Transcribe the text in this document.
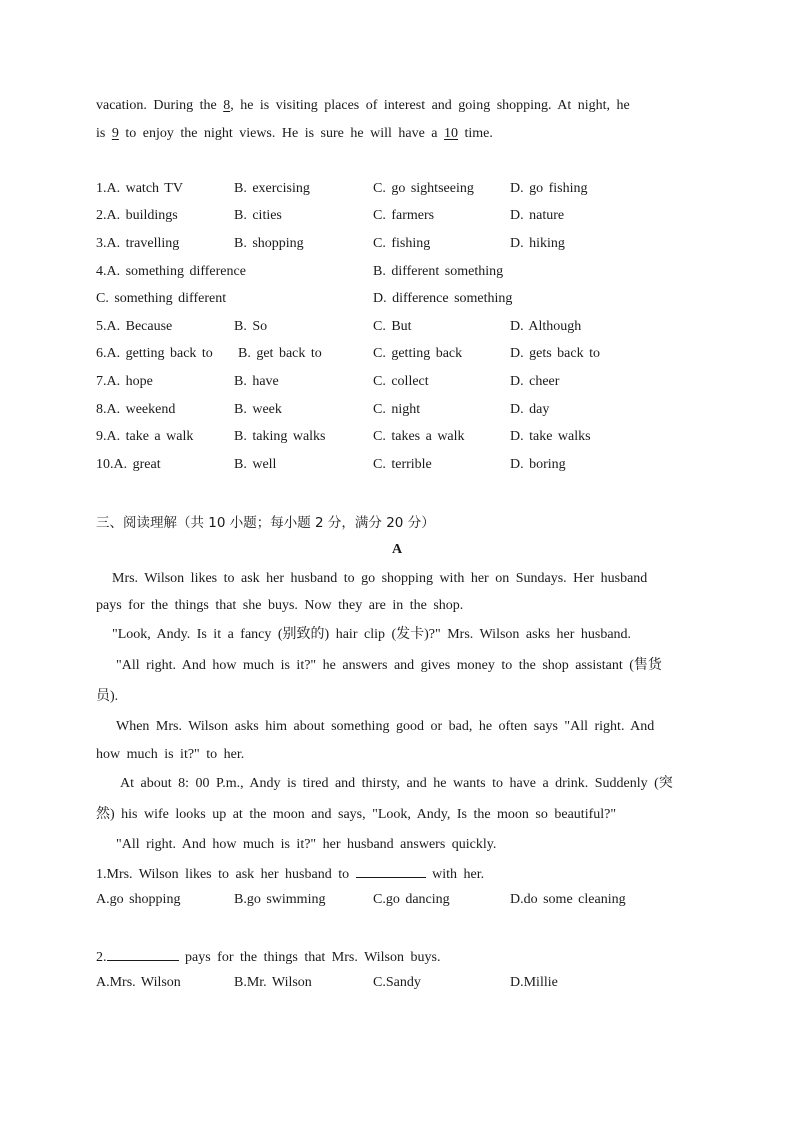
vacation. During the 8, he is visiting places of interest and going shopping. At night, he
is 9 to enjoy the night views. He is sure he will have a 10 time.
1.A. watch TV	B. exercising	C. go sightseeing	D. go fishing
2.A. buildings	B. cities	C. farmers	D. nature
3.A. travelling	B. shopping	C. fishing	D. hiking
4.A. something difference	B. different something
C. something different	D. difference something
5.A. Because	B. So	C. But	D. Although
6.A. getting back to B. get back to	C. getting back	D. gets back to
7.A. hope	B. have	C. collect	D. cheer
8.A. weekend	B. week	C. night	D. day
9.A. take a walk	B. taking walks	C. takes a walk	D. take walks
10.A. great	B. well	C. terrible	D. boring
三、阅读理解（共 10 小题；每小题 2 分，满分 20 分）
A
Mrs. Wilson likes to ask her husband to go shopping with her on Sundays. Her husband
pays for the things that she buys. Now they are in the shop.
"Look, Andy. Is it a fancy (别致的) hair clip (发卡)?" Mrs. Wilson asks her husband.
"All right. And how much is it?" he answers and gives money to the shop assistant (售货
员).
When Mrs. Wilson asks him about something good or bad, he often says "All right. And
how much is it?" to her.
At about 8: 00 P.m., Andy is tired and thirsty, and he wants to have a drink. Suddenly (突
然) his wife looks up at the moon and says, "Look, Andy, Is the moon so beautiful?"
"All right. And how much is it?" her husband answers quickly.
1.Mrs. Wilson likes to ask her husband to	with her.
A.go shopping	B.go swimming	C.go dancing	D.do some cleaning
2.	pays for the things that Mrs. Wilson buys.
A.Mrs. Wilson	B.Mr. Wilson	C.Sandy	D.Millie
